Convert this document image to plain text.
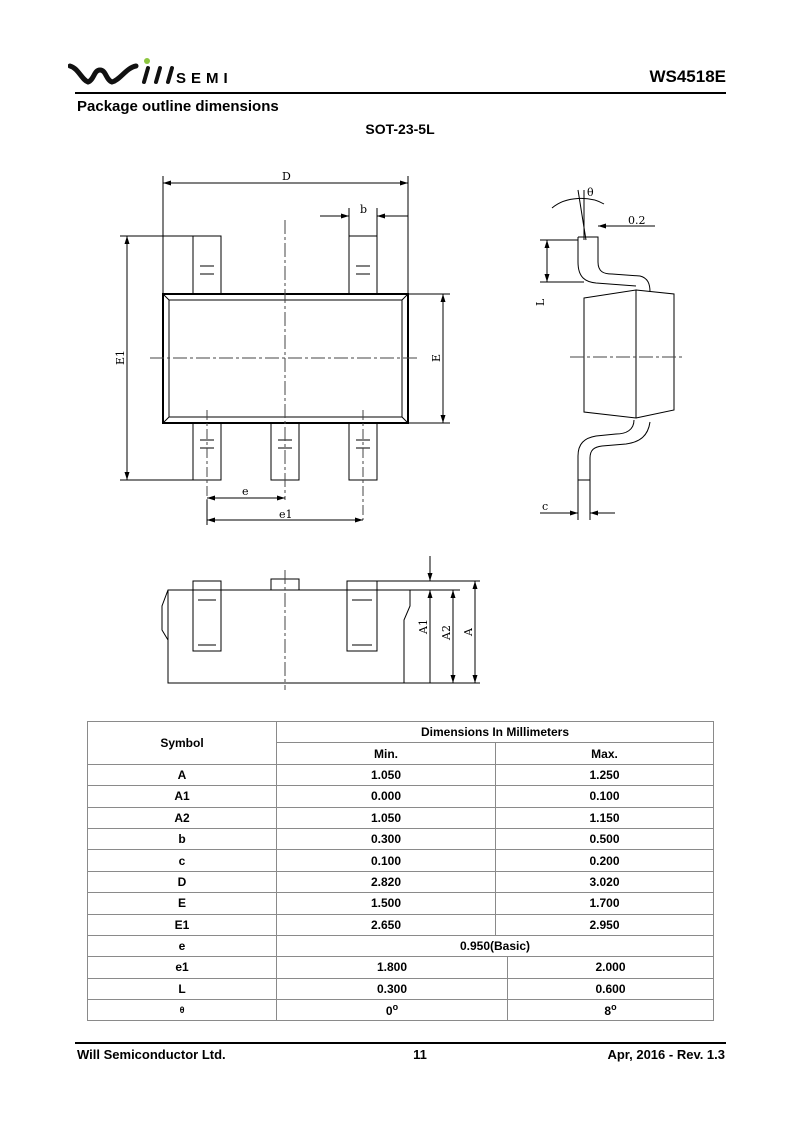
SEMI	WS4518E
Package outline dimensions
SOT-23-5L
D
b
E1	E
e
e1
θ
0.2
L
c
A1 A2 A
Symbol	Dimensions In Millimeters		
	Min.	Max.	
A	1.050	1.250	
A1	0.000	0.100	
A2	1.050	1.150	
b	0.300	0.500	
c	0.100	0.200	
D	2.820	3.020	
E	1.500	1.700	
E1	2.650	2.950	
e	0.950(Basic)		
e1	1.800		2.000
L	0.300		0.600
θ	0$^o$		8$^o$
Will Semiconductor Ltd.	11	Apr, 2016 - Rev. 1.3
